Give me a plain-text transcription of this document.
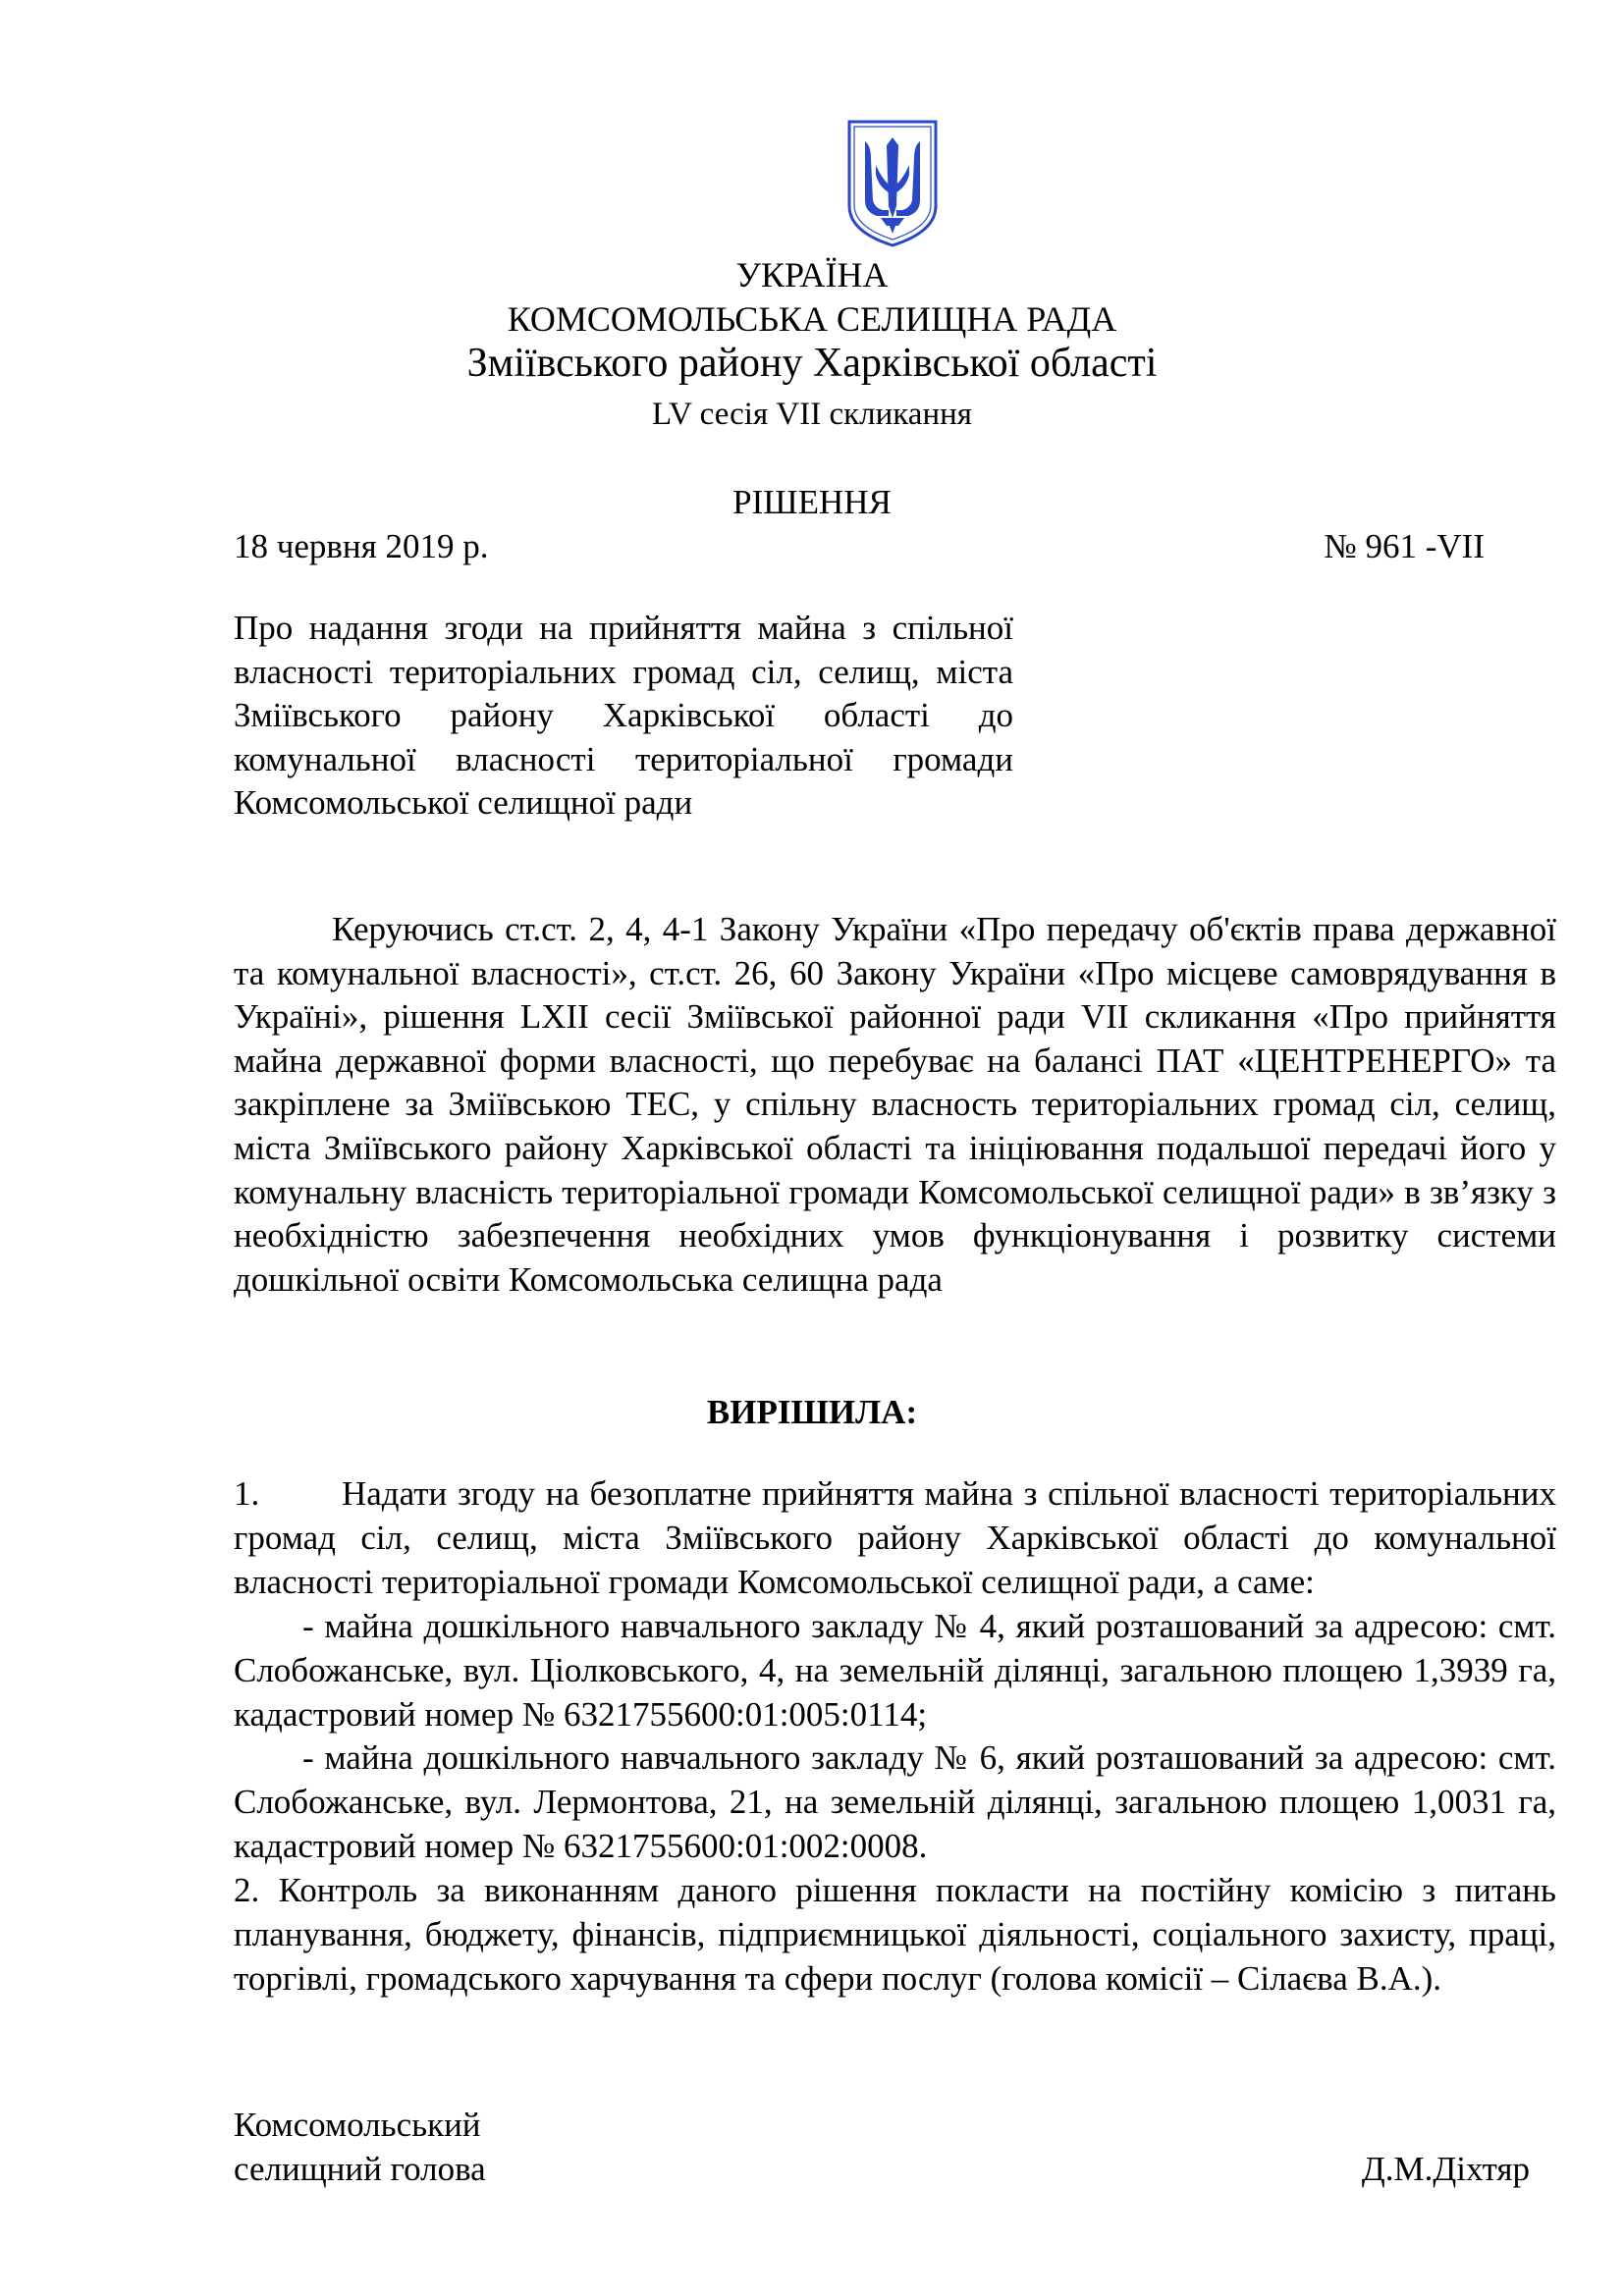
УКРАЇНА
КОМСОМОЛЬСЬКА СЕЛИЩНА РАДА
Зміївського району Харківської області
LV сесія VII скликання
РІШЕННЯ
18 червня 2019 р.	№ 961 -VII
Про надання згоди на прийняття майна з спільної власності територіальних громад сіл, селищ, міста Зміївського району Харківської області до комунальної власності територіальної громади Комсомольської селищної ради
Керуючись ст.ст. 2, 4, 4-1 Закону України «Про передачу об'єктів права державної та комунальної власності», ст.ст. 26, 60 Закону України «Про місцеве самоврядування в Україні», рішення LXII сесії Зміївської районної ради VII скликання «Про прийняття майна державної форми власності, що перебуває на балансі ПАТ «ЦЕНТРЕНЕРГО» та закріплене за Зміївською ТЕС, у спільну власность територіальних громад сіл, селищ, міста Зміївського району Харківської області та ініціювання подальшої передачі його у комунальну власність територіальної громади Комсомольської селищної ради» в зв’язку з необхідністю забезпечення необхідних умов функціонування і розвитку системи дошкільної освіти Комсомольська селищна рада
ВИРІШИЛА:

1. Надати згоду на безоплатне прийняття майна з спільної власності територіальних громад сіл, селищ, міста Зміївського району Харківської області до комунальної власності територіальної громади Комсомольської селищної ради, а саме:

- майна дошкільного навчального закладу № 4, який розташований за адресою: смт. Слобожанське, вул. Ціолковського, 4, на земельній ділянці, загальною площею 1,3939 га, кадастровий номер № 6321755600:01:005:0114;

- майна дошкільного навчального закладу № 6, який розташований за адресою: смт. Слобожанське, вул. Лермонтова, 21, на земельній ділянці, загальною площею 1,0031 га, кадастровий номер № 6321755600:01:002:0008.

2. Контроль за виконанням даного рішення покласти на постійну комісію з питань планування, бюджету, фінансів, підприємницької діяльності, соціального захисту, праці, торгівлі, громадського харчування та сфери послуг (голова комісії – Сілаєва В.А.).

Комсомольський
селищний голова	Д.М.Діхтяр
